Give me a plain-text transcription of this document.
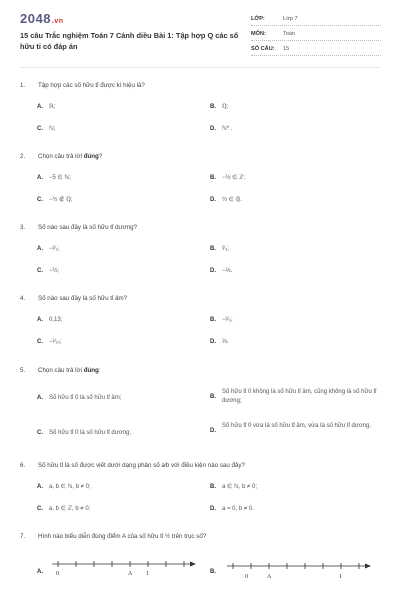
2048.vn
15 câu Trắc nghiệm Toán 7 Cánh diều Bài 1: Tập hợp Q các số hữu tỉ có đáp án
LỚP:	Lớp 7
MÔN:	Toán
SỐ CÂU:	15
1. Tập hợp các số hữu tỉ được kí hiệu là?
A. ℝ;	B. ℚ;
C. ℕ;	D. ℕ* .
2. Chọn câu trả lời đúng?
A. −5 ∈ ℕ;	B. −½ ∈ ℤ;
C. −½ ∉ ℚ;	D. ½ ∈ ℚ.
3. Số nào sau đây là số hữu tỉ dương?
A. −²⁄₃;	B. ²⁄₃;
C. −½;	D. −⅓.
4. Số nào sau đây là số hữu tỉ âm?
A. 0,13;	B. −²⁄₃;
C. −¹⁄₁₀;	D. ⅓.
5. Chọn câu trả lời đúng:
A. Số hữu tỉ 0 là số hữu tỉ âm;	B.
Số hữu tỉ 0 không là số hữu tỉ âm, cũng không là số hữu tỉ dương;
C. Số hữu tỉ 0 là số hữu tỉ dương;	D.
Số hữu tỉ 0 vừa là số hữu tỉ âm, vừa là số hữu tỉ dương.
6. Số hữu tỉ là số được viết dưới dạng phân số a⁄b với điều kiện nào sau đây?
A. a, b ∈ ℕ, b ≠ 0;	B. a ∈ ℕ, b ≠ 0;
C. a, b ∈ ℤ, b ≠ 0;	D. a = 0, b ≠ 0.
7. Hình nào biểu diễn đúng điểm A của số hữu tỉ ½ trên trục số?
A.	0	A 1	B.
0	A	1
